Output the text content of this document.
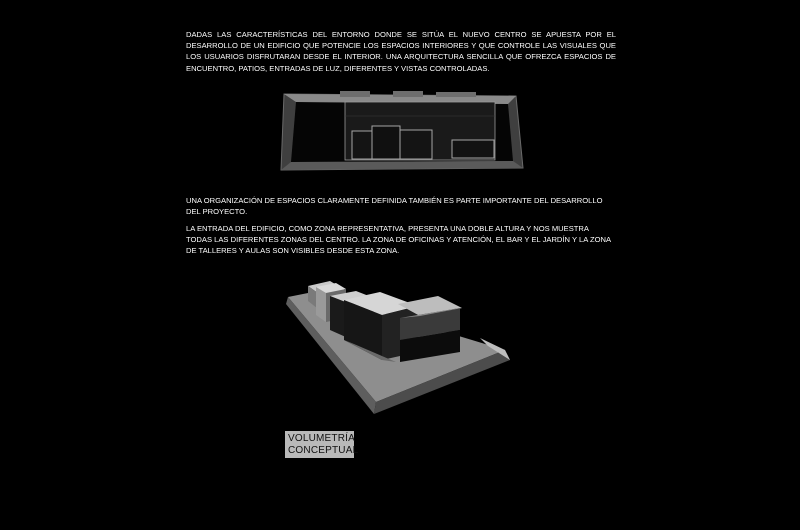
DADAS LAS CARACTERÍSTICAS DEL ENTORNO DONDE SE SITÚA EL NUEVO CENTRO SE APUESTA POR EL DESARROLLO DE UN EDIFICIO QUE POTENCIE LOS ESPACIOS INTERIORES Y QUE CONTROLE LAS VISUALES QUE LOS USUARIOS DISFRUTARAN DESDE EL INTERIOR. UNA ARQUITECTURA SENCILLA QUE OFREZCA ESPACIOS DE ENCUENTRO, PATIOS, ENTRADAS DE LUZ, DIFERENTES Y VISTAS CONTROLADAS.

UNA ORGANIZACIÓN DE ESPACIOS CLARAMENTE DEFINIDA TAMBIÉN ES PARTE IMPORTANTE DEL DESARROLLO DEL PROYECTO.

LA ENTRADA DEL EDIFICIO, COMO ZONA REPRESENTATIVA, PRESENTA UNA DOBLE ALTURA Y NOS MUESTRA TODAS LAS DIFERENTES ZONAS DEL CENTRO. LA ZONA DE OFICINAS Y ATENCIÓN, EL BAR Y EL JARDÍN Y LA ZONA DE TALLERES Y AULAS SON VISIBLES DESDE ESTA ZONA.

VOLUMETRÍA
CONCEPTUAL
